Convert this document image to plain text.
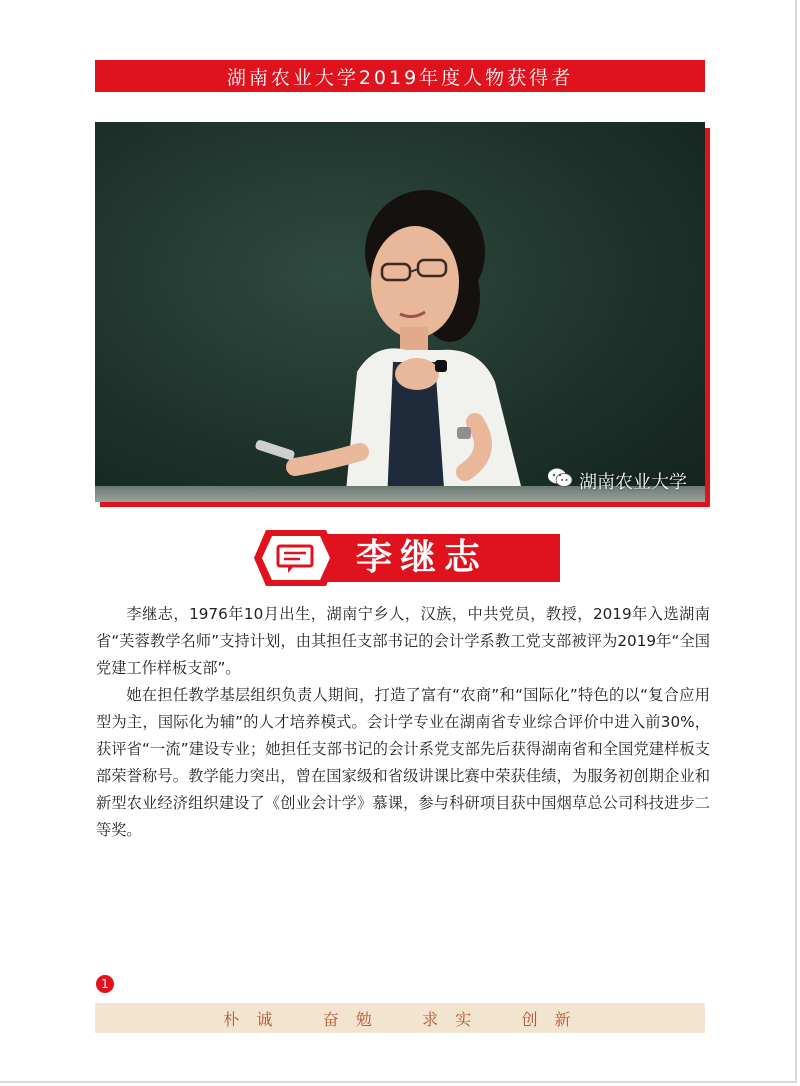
湖南农业大学2019年度人物获得者
湖南农业大学
李继志

李继志，1976年10月出生，湖南宁乡人，汉族，中共党员，教授，2019年入选湖南省“芙蓉教学名师”支持计划，由其担任支部书记的会计学系教工党支部被评为2019年“全国党建工作样板支部”。

她在担任教学基层组织负责人期间，打造了富有“农商”和“国际化”特色的以“复合应用型为主，国际化为辅”的人才培养模式。会计学专业在湖南省专业综合评价中进入前30%，获评省“一流”建设专业；她担任支部书记的会计系党支部先后获得湖南省和全国党建样板支部荣誉称号。教学能力突出，曾在国家级和省级讲课比赛中荣获佳绩，为服务初创期企业和新型农业经济组织建设了《创业会计学》慕课，参与科研项目获中国烟草总公司科技进步二等奖。

1
朴 诚    奋 勉    求 实    创 新
